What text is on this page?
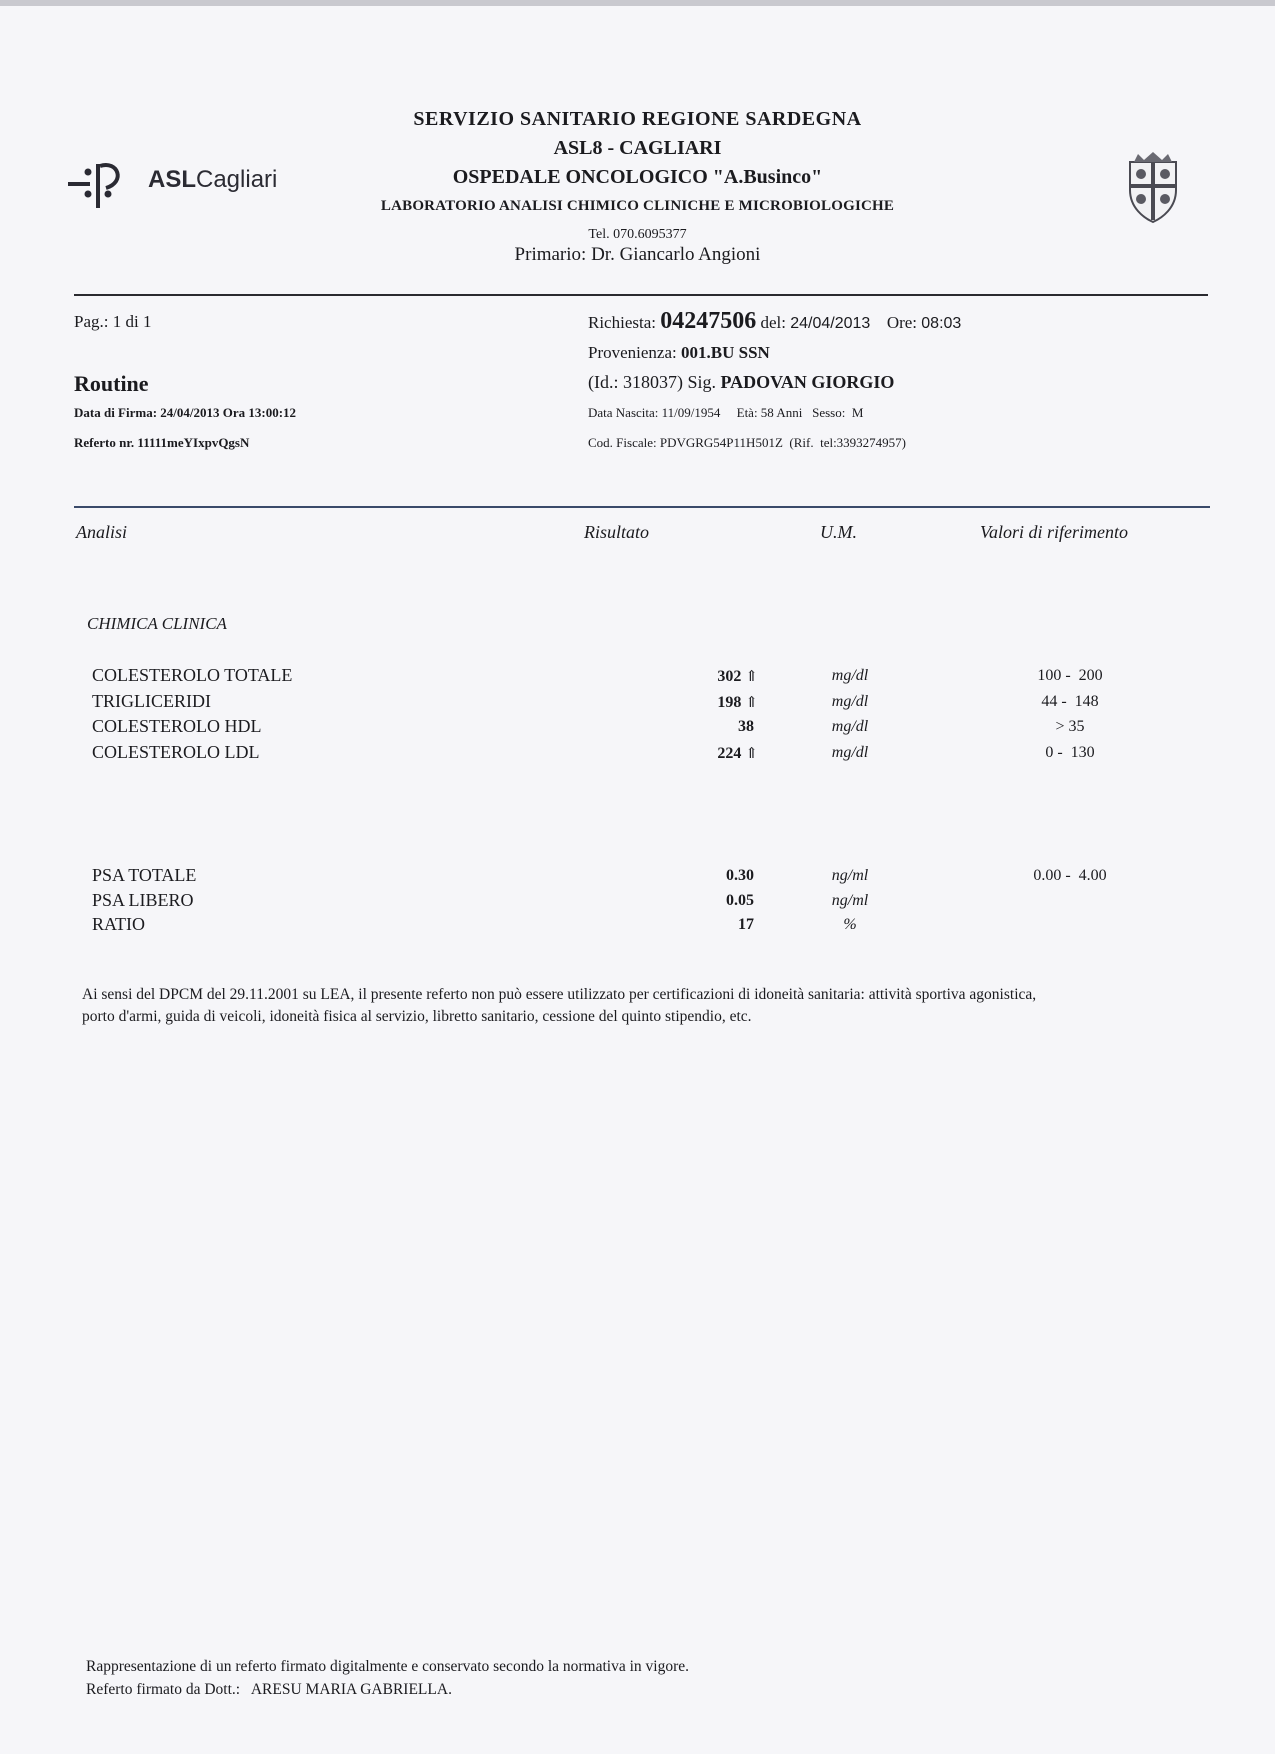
ASLCagliari
SERVIZIO SANITARIO REGIONE SARDEGNA
ASL8 - CAGLIARI
OSPEDALE ONCOLOGICO "A.Businco"
LABORATORIO ANALISI CHIMICO CLINICHE E MICROBIOLOGICHE
Tel. 070.6095377
Primario: Dr. Giancarlo Angioni
Pag.: 1 di 1
Routine
Data di Firma: 24/04/2013 Ora 13:00:12
Referto nr. 11111meYIxpvQgsN
Richiesta: 04247506 del: 24/04/2013 Ore: 08:03
Provenienza: 001.BU SSN
(Id.: 318037) Sig. PADOVAN GIORGIO
Data Nascita: 11/09/1954     Età: 58 Anni   Sesso:  M
Cod. Fiscale: PDVGRG54P11H501Z  (Rif.  tel:3393274957)
Analisi	Risultato	U.M.	Valori di riferimento
CHIMICA CLINICA
COLESTEROLO TOTALE	302 ⇑	mg/dl	100 -  200
TRIGLICERIDI	198 ⇑	mg/dl	44 -  148
COLESTEROLO HDL	38	mg/dl	> 35
COLESTEROLO LDL	224 ⇑	mg/dl	0 -  130
PSA TOTALE	0.30	ng/ml	0.00 -  4.00
PSA LIBERO	0.05	ng/ml
RATIO	17	%
Ai sensi del DPCM del 29.11.2001 su LEA, il presente referto non può essere utilizzato per certificazioni di idoneità sanitaria: attività sportiva agonistica,
porto d'armi, guida di veicoli, idoneità fisica al servizio, libretto sanitario, cessione del quinto stipendio, etc.
Rappresentazione di un referto firmato digitalmente e conservato secondo la normativa in vigore.
Referto firmato da Dott.:   ARESU MARIA GABRIELLA.
